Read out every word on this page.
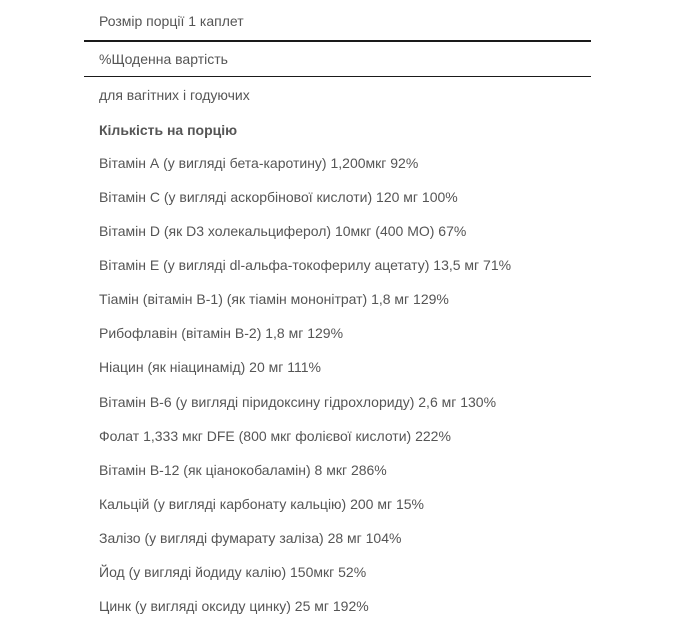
Розмір порції 1 каплет
%Щоденна вартість
для вагітних і годуючих
Кількість на порцію
Вітамін А (у вигляді бета-каротину) 1,200мкг 92%
Вітамін С (у вигляді аскорбінової кислоти) 120 мг 100%
Вітамін D (як D3 холекальциферол) 10мкг (400 МО) 67%
Вітамін Е (у вигляді dl-альфа-токоферилу ацетату) 13,5 мг 71%
Тіамін (вітамін В-1) (як тіамін мононітрат) 1,8 мг 129%
Рибофлавін (вітамін В-2) 1,8 мг 129%
Ніацин (як ніацинамід) 20 мг 111%
Вітамін В-6 (у вигляді піридоксину гідрохлориду) 2,6 мг 130%
Фолат 1,333 мкг DFE (800 мкг фолієвої кислоти) 222%
Вітамін В-12 (як ціанокобаламін) 8 мкг 286%
Кальцій (у вигляді карбонату кальцію) 200 мг 15%
Залізо (у вигляді фумарату заліза) 28 мг 104%
Йод (у вигляді йодиду калію) 150мкг 52%
Цинк (у вигляді оксиду цинку) 25 мг 192%
